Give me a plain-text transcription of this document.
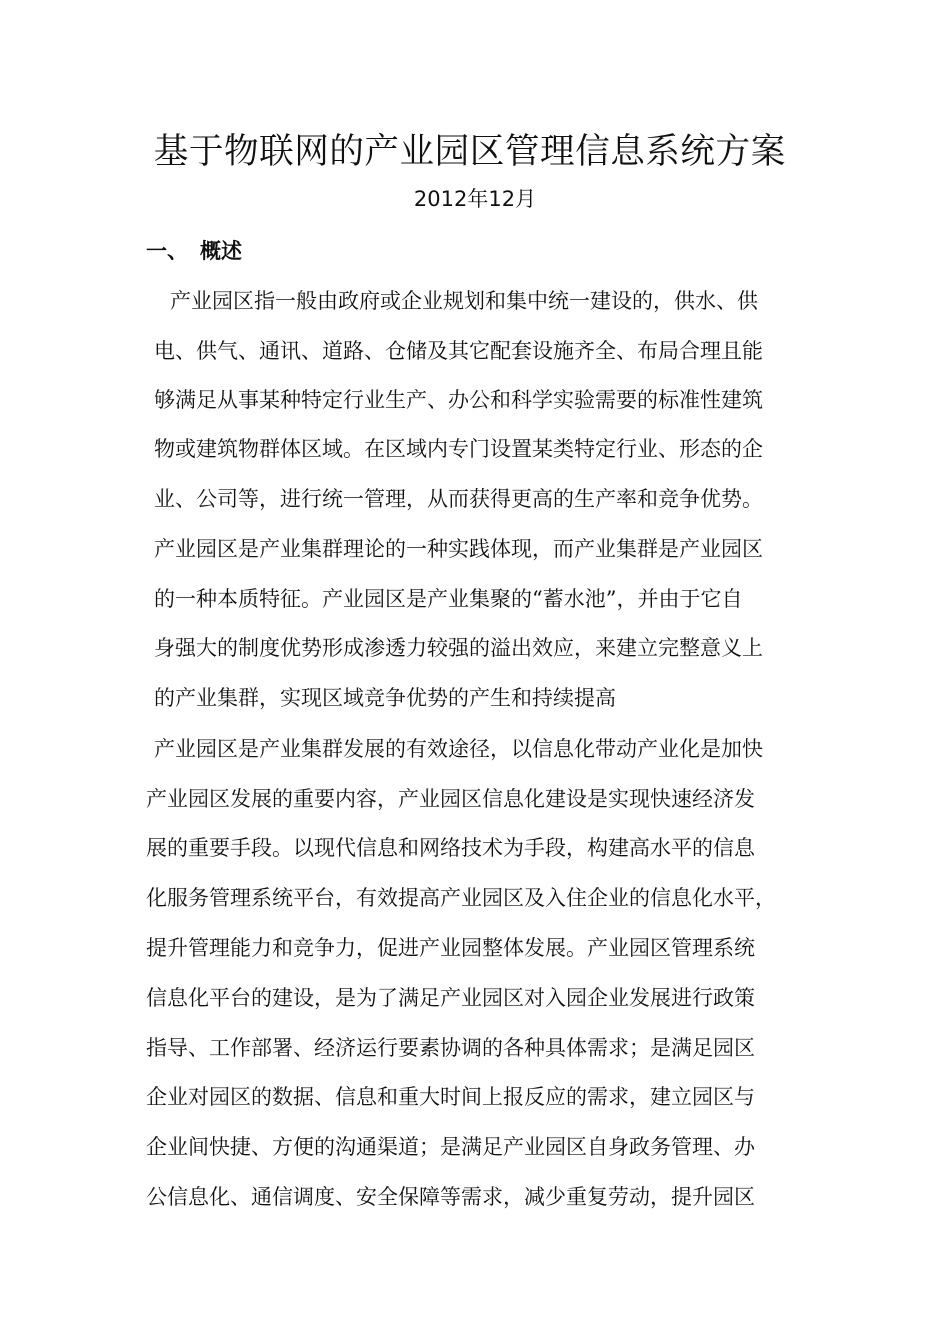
基于物联网的产业园区管理信息系统方案
2012年12月
一、 概述
产业园区指一般由政府或企业规划和集中统一建设的，供水、供
电、供气、通讯、道路、仓储及其它配套设施齐全、布局合理且能
够满足从事某种特定行业生产、办公和科学实验需要的标准性建筑
物或建筑物群体区域。在区域内专门设置某类特定行业、形态的企
业、公司等，进行统一管理，从而获得更高的生产率和竞争优势。
产业园区是产业集群理论的一种实践体现，而产业集群是产业园区
的一种本质特征。产业园区是产业集聚的“蓄水池”，并由于它自
身强大的制度优势形成渗透力较强的溢出效应，来建立完整意义上
的产业集群，实现区域竞争优势的产生和持续提高
产业园区是产业集群发展的有效途径，以信息化带动产业化是加快
产业园区发展的重要内容，产业园区信息化建设是实现快速经济发
展的重要手段。以现代信息和网络技术为手段，构建高水平的信息
化服务管理系统平台，有效提高产业园区及入住企业的信息化水平，
提升管理能力和竞争力，促进产业园整体发展。产业园区管理系统
信息化平台的建设，是为了满足产业园区对入园企业发展进行政策
指导、工作部署、经济运行要素协调的各种具体需求；是满足园区
企业对园区的数据、信息和重大时间上报反应的需求，建立园区与
企业间快捷、方便的沟通渠道；是满足产业园区自身政务管理、办
公信息化、通信调度、安全保障等需求，减少重复劳动，提升园区
